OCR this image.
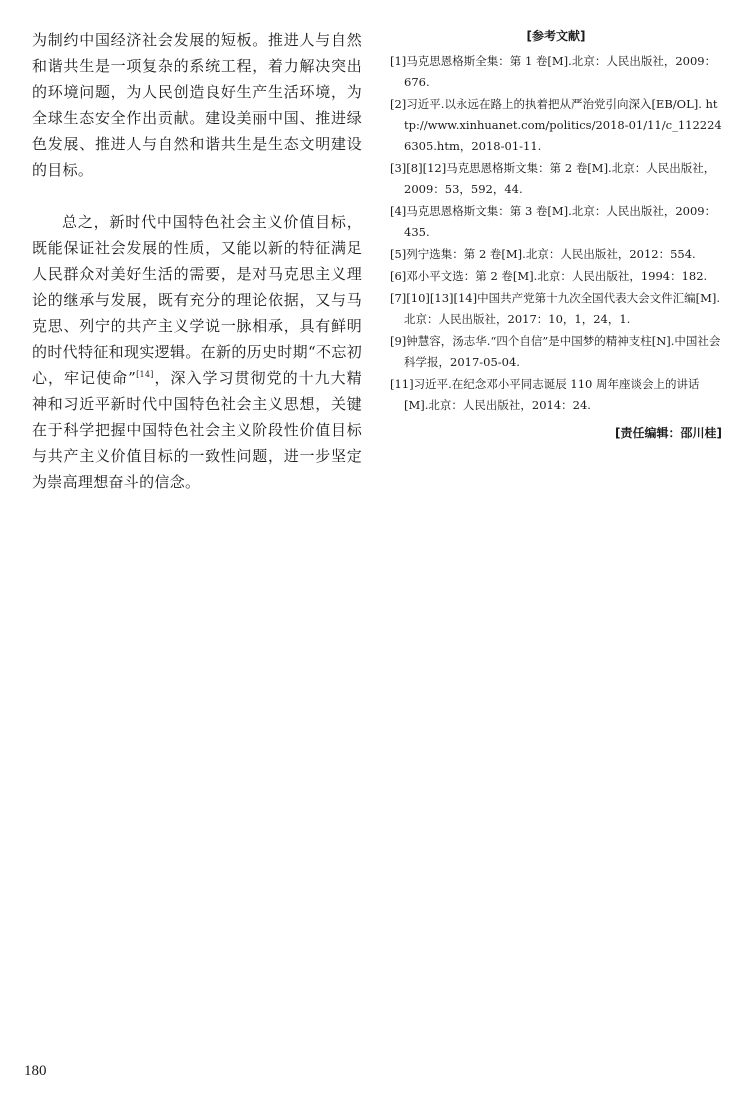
为制约中国经济社会发展的短板。推进人与自然和谐共生是一项复杂的系统工程，着力解决突出的环境问题，为人民创造良好生产生活环境，为全球生态安全作出贡献。建设美丽中国、推进绿色发展、推进人与自然和谐共生是生态文明建设的目标。

总之，新时代中国特色社会主义价值目标，既能保证社会发展的性质，又能以新的特征满足人民群众对美好生活的需要，是对马克思主义理论的继承与发展，既有充分的理论依据，又与马克思、列宁的共产主义学说一脉相承，具有鲜明的时代特征和现实逻辑。在新的历史时期“不忘初心，牢记使命”[14]，深入学习贯彻党的十九大精神和习近平新时代中国特色社会主义思想，关键在于科学把握中国特色社会主义阶段性价值目标与共产主义价值目标的一致性问题，进一步坚定为崇高理想奋斗的信念。

[参考文献]
[1]马克思恩格斯全集：第 1 卷[M].北京：人民出版社，2009：676.
[2]习近平.以永远在路上的执着把从严治党引向深入[EB/OL]. http://www.xinhuanet.com/politics/2018-01/11/c_1122246305.htm，2018-01-11.
[3][8][12]马克思恩格斯文集：第 2 卷[M].北京：人民出版社，2009：53，592，44.
[4]马克思恩格斯文集：第 3 卷[M].北京：人民出版社，2009：435.
[5]列宁选集：第 2 卷[M].北京：人民出版社，2012：554.
[6]邓小平文选：第 2 卷[M].北京：人民出版社，1994：182.
[7][10][13][14]中国共产党第十九次全国代表大会文件汇编[M].北京：人民出版社，2017：10，1，24，1.
[9]钟慧容，汤志华.“四个自信”是中国梦的精神支柱[N].中国社会科学报，2017-05-04.
[11]习近平.在纪念邓小平同志诞辰 110 周年座谈会上的讲话[M].北京：人民出版社，2014：24.
[责任编辑：邵川桂]
180
